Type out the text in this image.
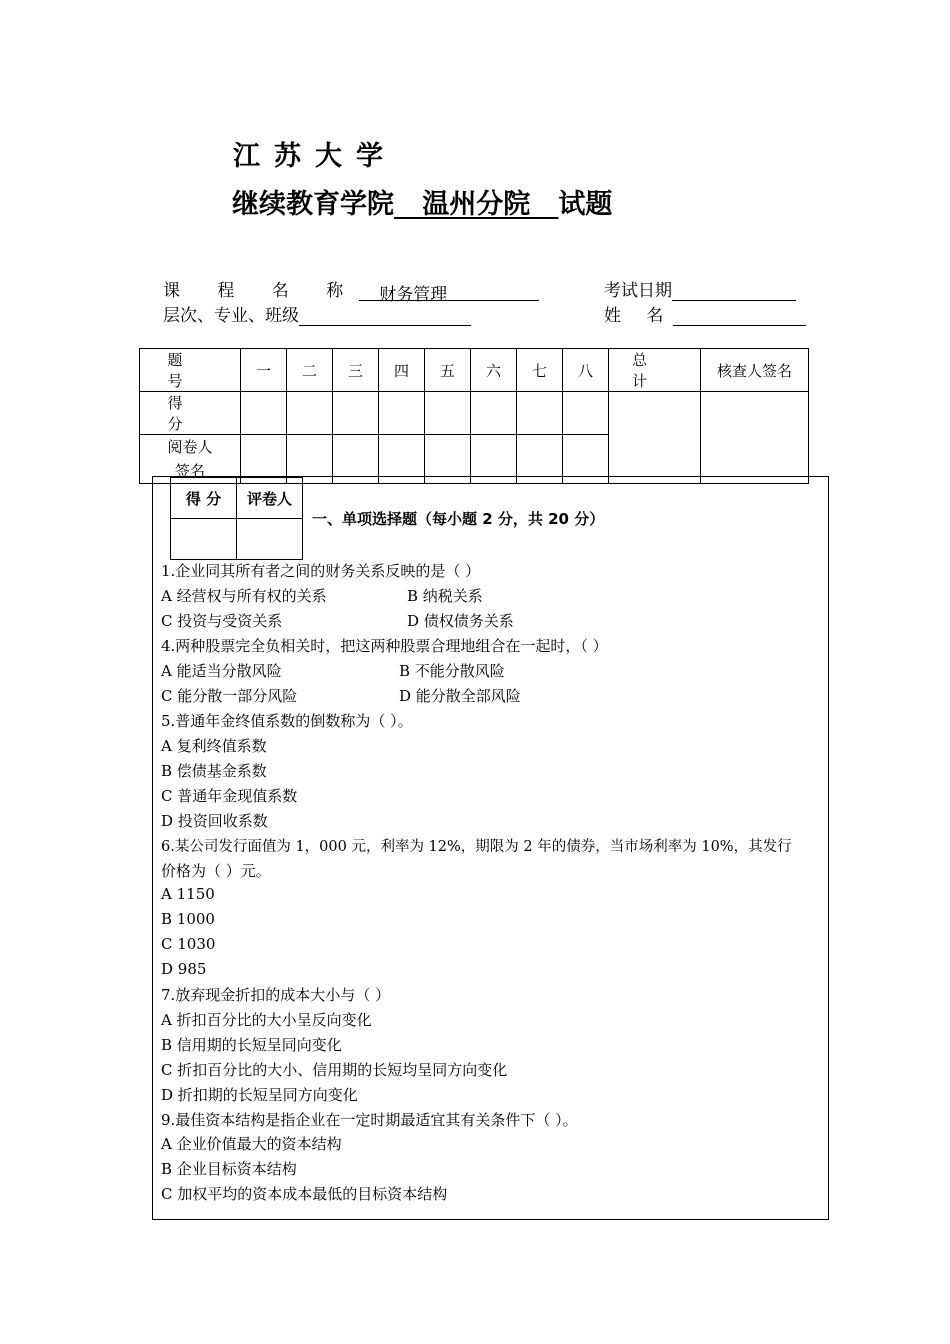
江苏大学
继续教育学院 温州分院 试题
课 程 名 称 财务管理	考试日期
层次、专业、班级	姓 名
题 号	一	二	三	四	五	六	七	八	总 计	核查人签名
得 分										

阅卷人
签名										

得 分	评卷人

一、单项选择题（每小题 2 分，共 20 分）
1.企业同其所有者之间的财务关系反映的是（ ）
A 经营权与所有权的关系	B 纳税关系
C 投资与受资关系	D 债权债务关系
4.两种股票完全负相关时，把这两种股票合理地组合在一起时，（ ）
A 能适当分散风险	B 不能分散风险
C 能分散一部分风险	D 能分散全部风险
5.普通年金终值系数的倒数称为（ ）。
A 复利终值系数
B 偿债基金系数
C 普通年金现值系数
D 投资回收系数
6.某公司发行面值为 1，000 元，利率为 12%，期限为 2 年的债券，当市场利率为 10%，其发行
价格为（ ）元。
A 1150
B 1000
C 1030
D 985
7.放弃现金折扣的成本大小与（ ）
A 折扣百分比的大小呈反向变化
B 信用期的长短呈同向变化
C 折扣百分比的大小、信用期的长短均呈同方向变化
D 折扣期的长短呈同方向变化
9.最佳资本结构是指企业在一定时期最适宜其有关条件下（ ）。
A 企业价值最大的资本结构
B 企业目标资本结构
C 加权平均的资本成本最低的目标资本结构
